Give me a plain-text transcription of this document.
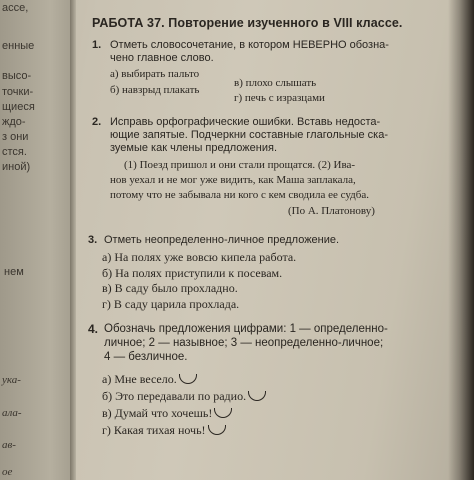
ассе,
енные
высо-
точки-
щиеся
ждо-
з они
стся.
иной)
нем
ука-
ала-
ав-
ое
РАБОТА 37. Повторение изученного в VIII классе.
1. Отметь словосочетание, в котором НЕВЕРНО обозна-
чено главное слово.
а) выбирать пальто
б) навзрыд плакать
в) плохо слышать
г) печь с изразцами
2. Исправь орфографические ошибки. Вставь недоста-
ющие запятые. Подчеркни составные глагольные ска-
зуемые как члены предложения.
(1) Поезд пришол и они стали прощатся. (2) Ива-
нов уехал и не мог уже видить, как Маша заплакала,
потому что не забывала ни кого с кем сводила ее судба.
(По А. Платонову)
3. Отметь неопределенно-личное предложение.
а) На полях уже вовсю кипела работа.
б) На полях приступили к посевам.
в) В саду было прохладно.
г) В саду царила прохлада.
4. Обозначь предложения цифрами: 1 — определенно-
личное; 2 — назывное; 3 — неопределенно-личное;
4 — безличное.
а) Мне весело.
б) Это передавали по радио.
в) Думай что хочешь!
г) Какая тихая ночь!
